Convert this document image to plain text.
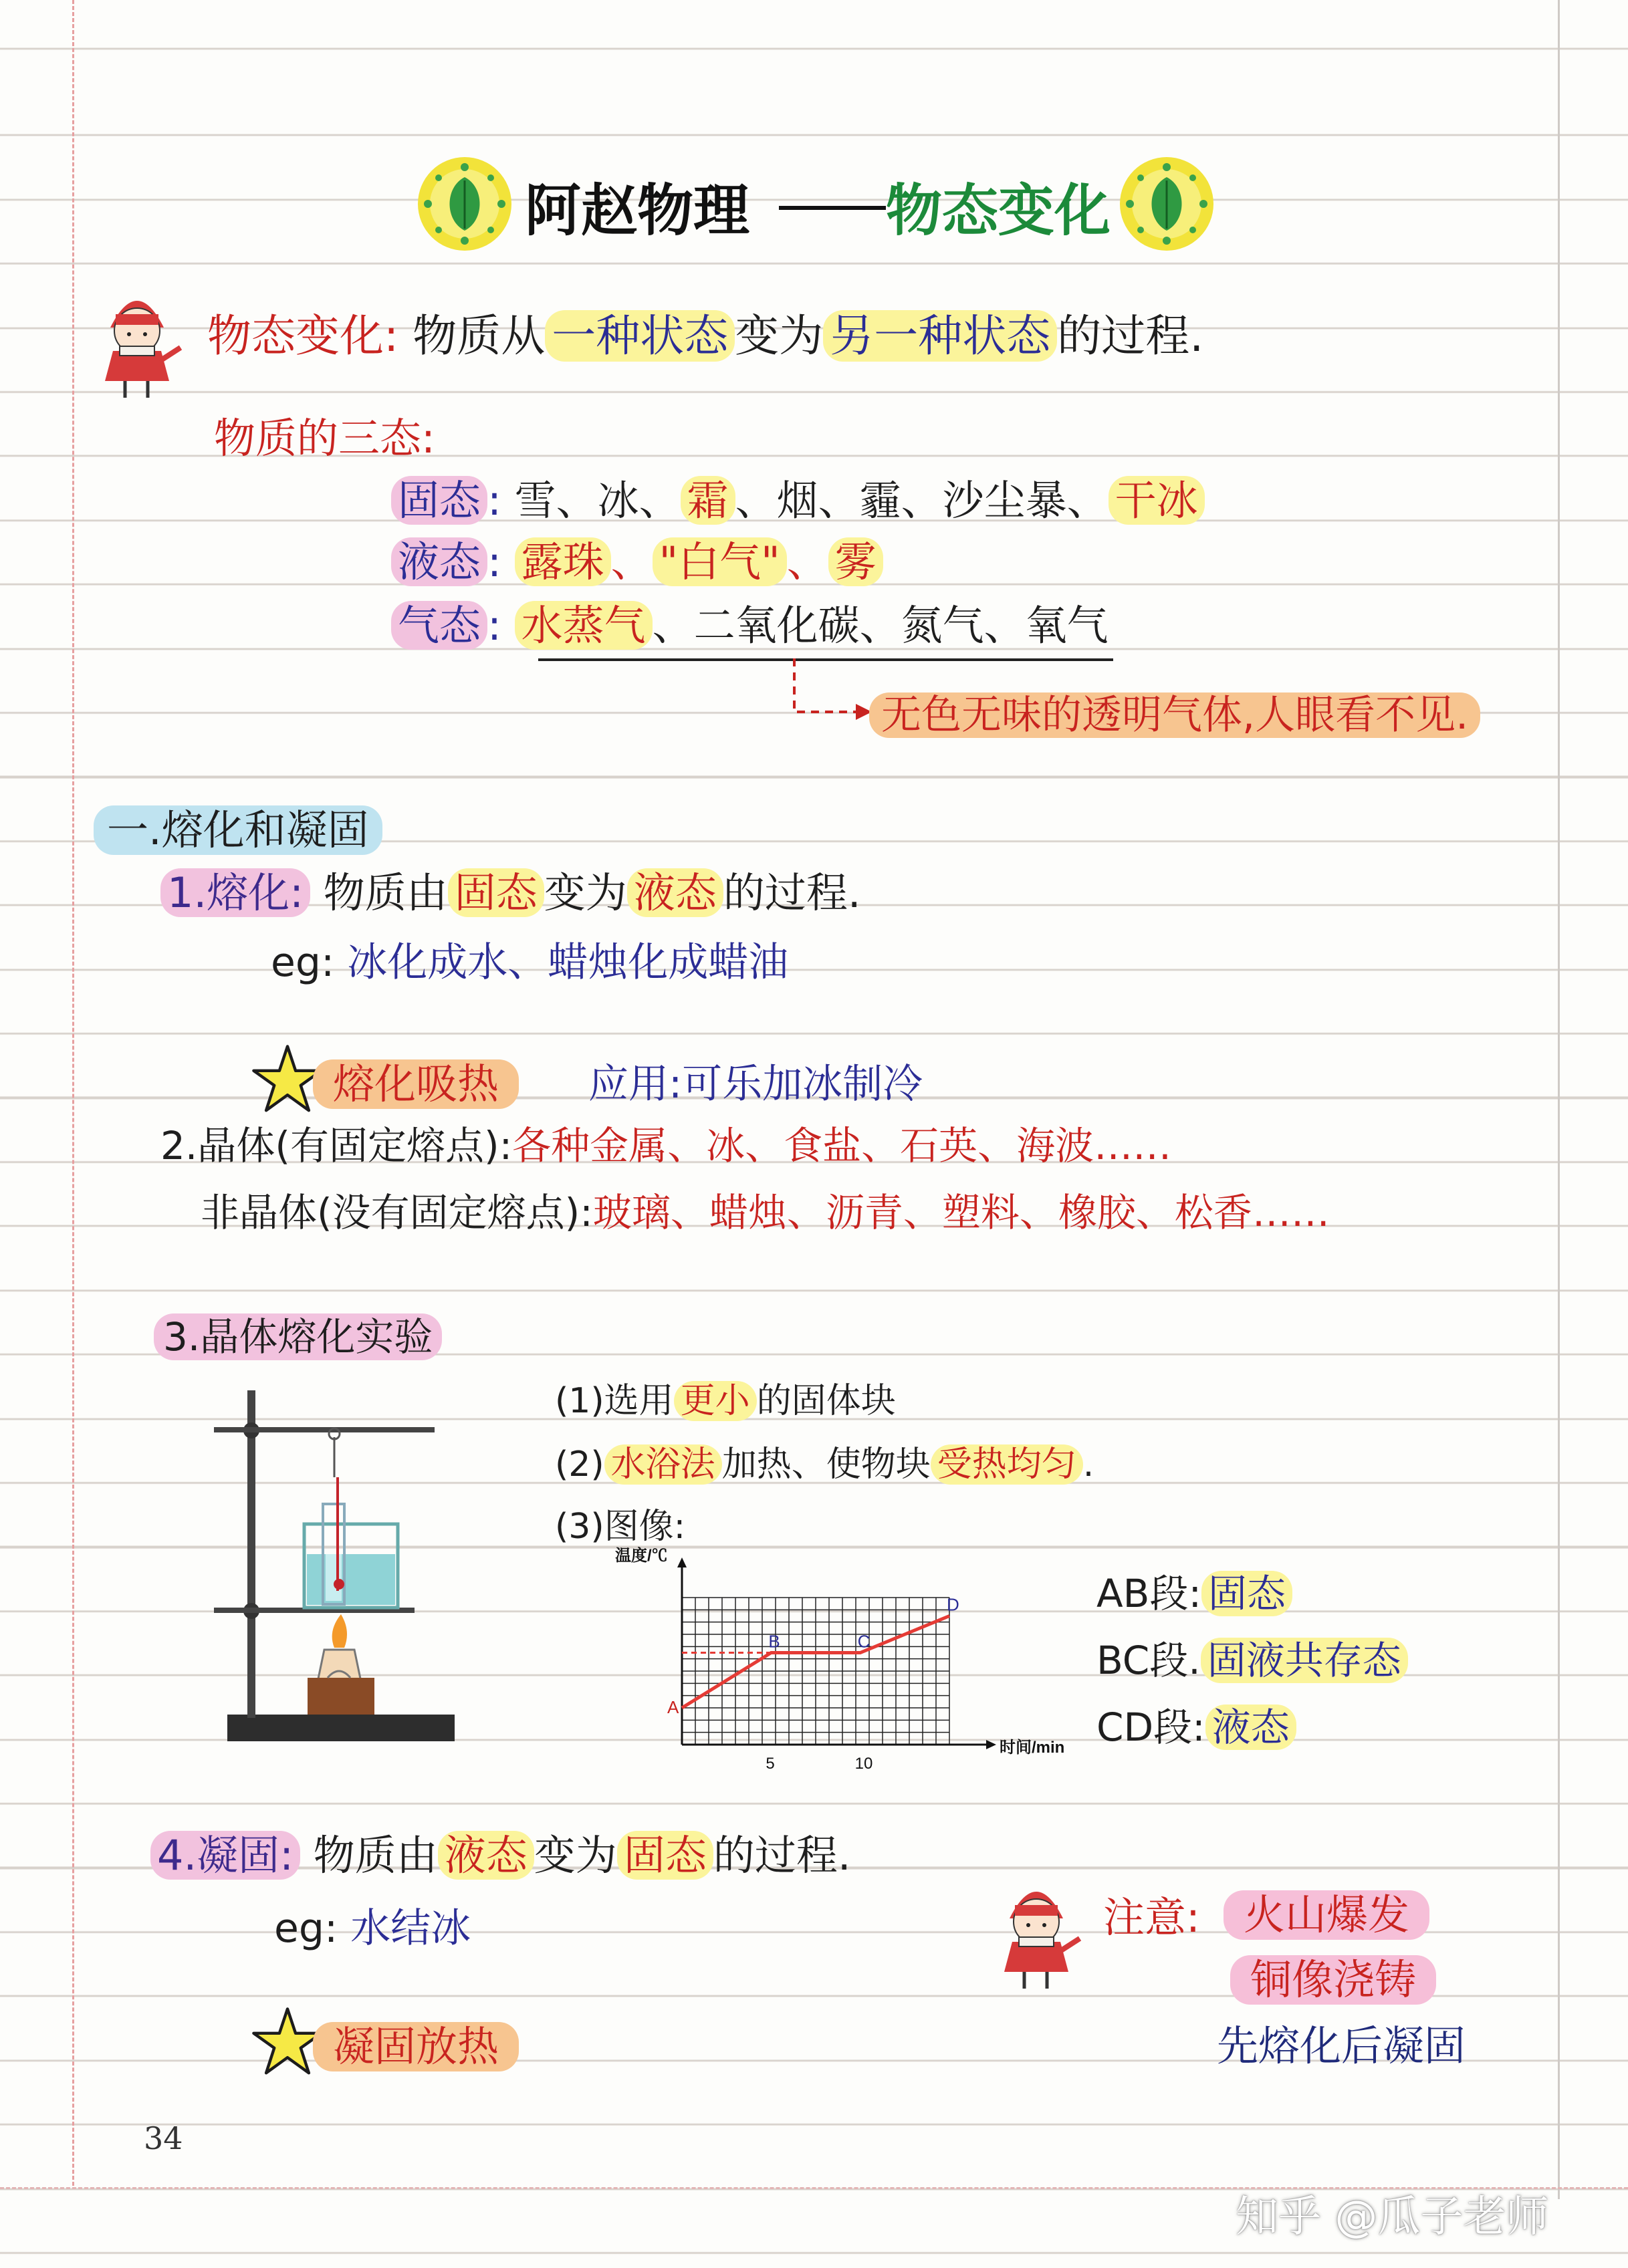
阿赵物理 物态变化
物态变化: 物质从 一种状态 变为 另一种状态 的过程.
物质的三态:
固态 : 雪、冰、 霜 、烟、霾、沙尘暴、 干冰
液态 : 露珠 、 "白气" 、 雾
气态 : 水蒸气 、二氧化碳、氮气、氧气
无色无味的透明气体,人眼看不见.
一.熔化和凝固
1.熔化: 物质由 固态 变为 液态 的过程.
eg: 冰化成水、蜡烛化成蜡油
熔化吸热	应用:可乐加冰制冷
2.晶体(有固定熔点):各种金属、冰、食盐、石英、海波……
非晶体(没有固定熔点):玻璃、蜡烛、沥青、塑料、橡胶、松香……
3.晶体熔化实验
(1)选用 更小 的固体块
(2) 水浴法 加热、使物块 受热均匀 .
(3)图像:
A
B	C
D
5	10
时间/min
温度/℃
AB段: 固态
BC段. 固液共存态
CD段: 液态
4.凝固: 物质由 液态 变为 固态 的过程.
eg: 水结冰
凝固放热
注意:	火山爆发
铜像浇铸
先熔化后凝固
34
知乎 @瓜子老师
